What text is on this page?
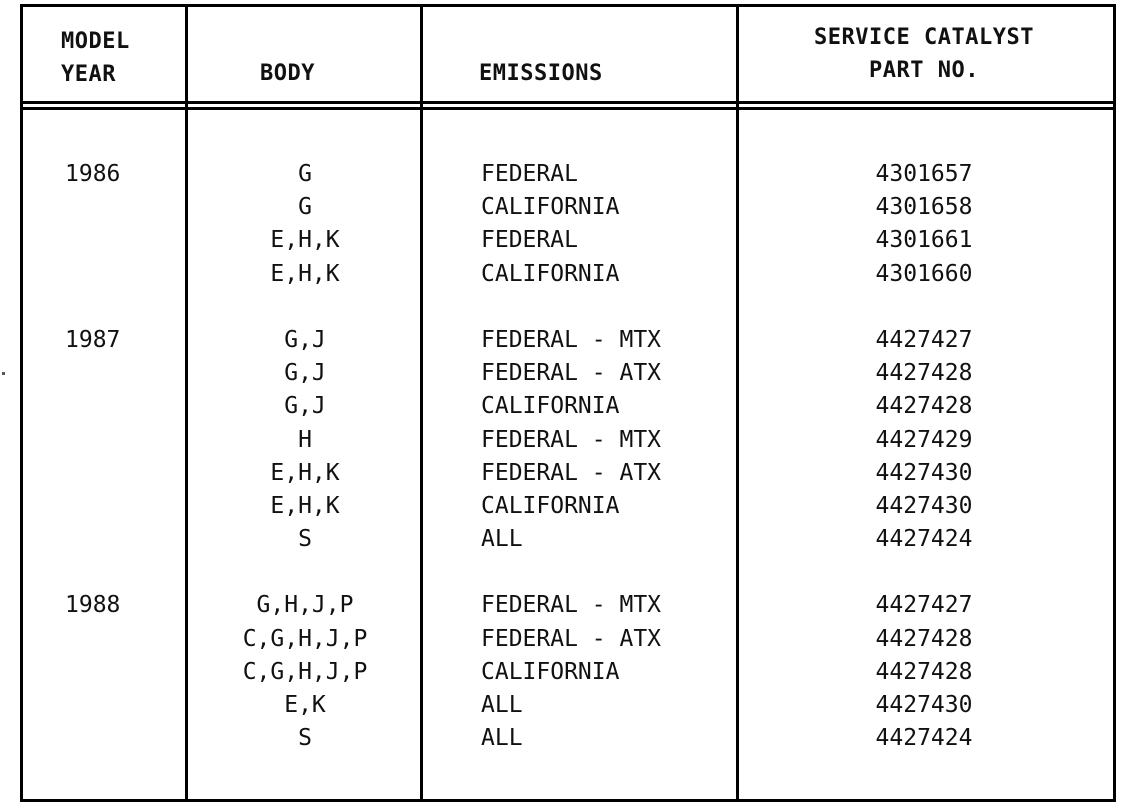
MODEL
YEAR	BODY	EMISSIONS
SERVICE CATALYST
PART NO.
1986
1987
1988
G
G
E,H,K
E,H,K
G,J
G,J
G,J
H
E,H,K
E,H,K
S
G,H,J,P
C,G,H,J,P
C,G,H,J,P
E,K
S
FEDERAL
CALIFORNIA
FEDERAL
CALIFORNIA
FEDERAL - MTX
FEDERAL - ATX
CALIFORNIA
FEDERAL - MTX
FEDERAL - ATX
CALIFORNIA
ALL
FEDERAL - MTX
FEDERAL - ATX
CALIFORNIA
ALL
ALL
4301657
4301658
4301661
4301660
4427427
4427428
4427428
4427429
4427430
4427430
4427424
4427427
4427428
4427428
4427430
4427424
